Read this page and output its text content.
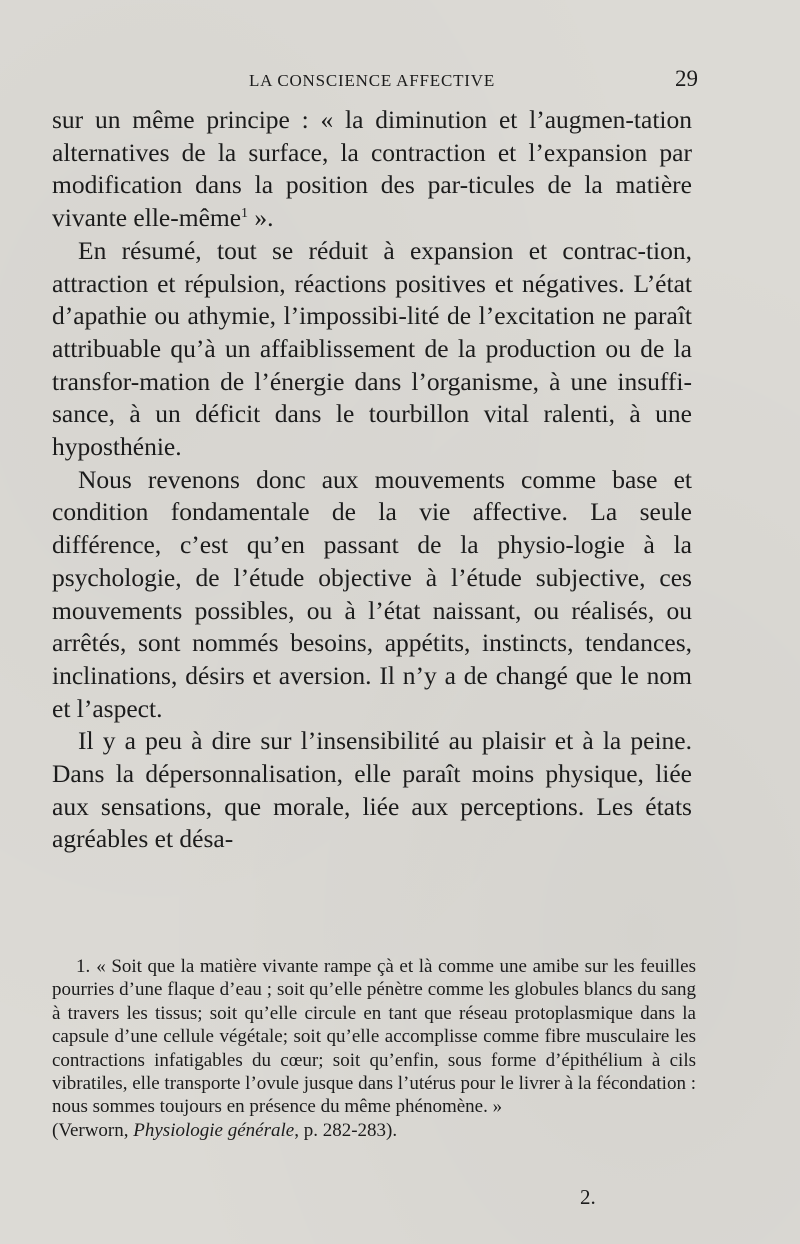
LA CONSCIENCE AFFECTIVE	29

sur un même principe : « la diminution et l’augmen-tation alternatives de la surface, la contraction et l’expansion par modification dans la position des par-ticules de la matière vivante elle-même$^1$ ».

En résumé, tout se réduit à expansion et contrac-tion, attraction et répulsion, réactions positives et négatives. L’état d’apathie ou athymie, l’impossibi-lité de l’excitation ne paraît attribuable qu’à un affaiblissement de la production ou de la transfor-mation de l’énergie dans l’organisme, à une insuffi-sance, à un déficit dans le tourbillon vital ralenti, à une hyposthénie.

Nous revenons donc aux mouvements comme base et condition fondamentale de la vie affective. La seule différence, c’est qu’en passant de la physio-logie à la psychologie, de l’étude objective à l’étude subjective, ces mouvements possibles, ou à l’état naissant, ou réalisés, ou arrêtés, sont nommés besoins, appétits, instincts, tendances, inclinations, désirs et aversion. Il n’y a de changé que le nom et l’aspect.

Il y a peu à dire sur l’insensibilité au plaisir et à la peine. Dans la dépersonnalisation, elle paraît moins physique, liée aux sensations, que morale, liée aux perceptions. Les états agréables et désa-

1. « Soit que la matière vivante rampe çà et là comme une amibe sur les feuilles pourries d’une flaque d’eau ; soit qu’elle pénètre comme les globules blancs du sang à travers les tissus; soit qu’elle circule en tant que réseau protoplasmique dans la capsule d’une cellule végétale; soit qu’elle accomplisse comme fibre musculaire les contractions infatigables du cœur; soit qu’enfin, sous forme d’épithélium à cils vibratiles, elle transporte l’ovule jusque dans l’utérus pour le livrer à la fécondation : nous sommes toujours en présence du même phénomène. »
(Verworn, Physiologie générale, p. 282-283).

2.
